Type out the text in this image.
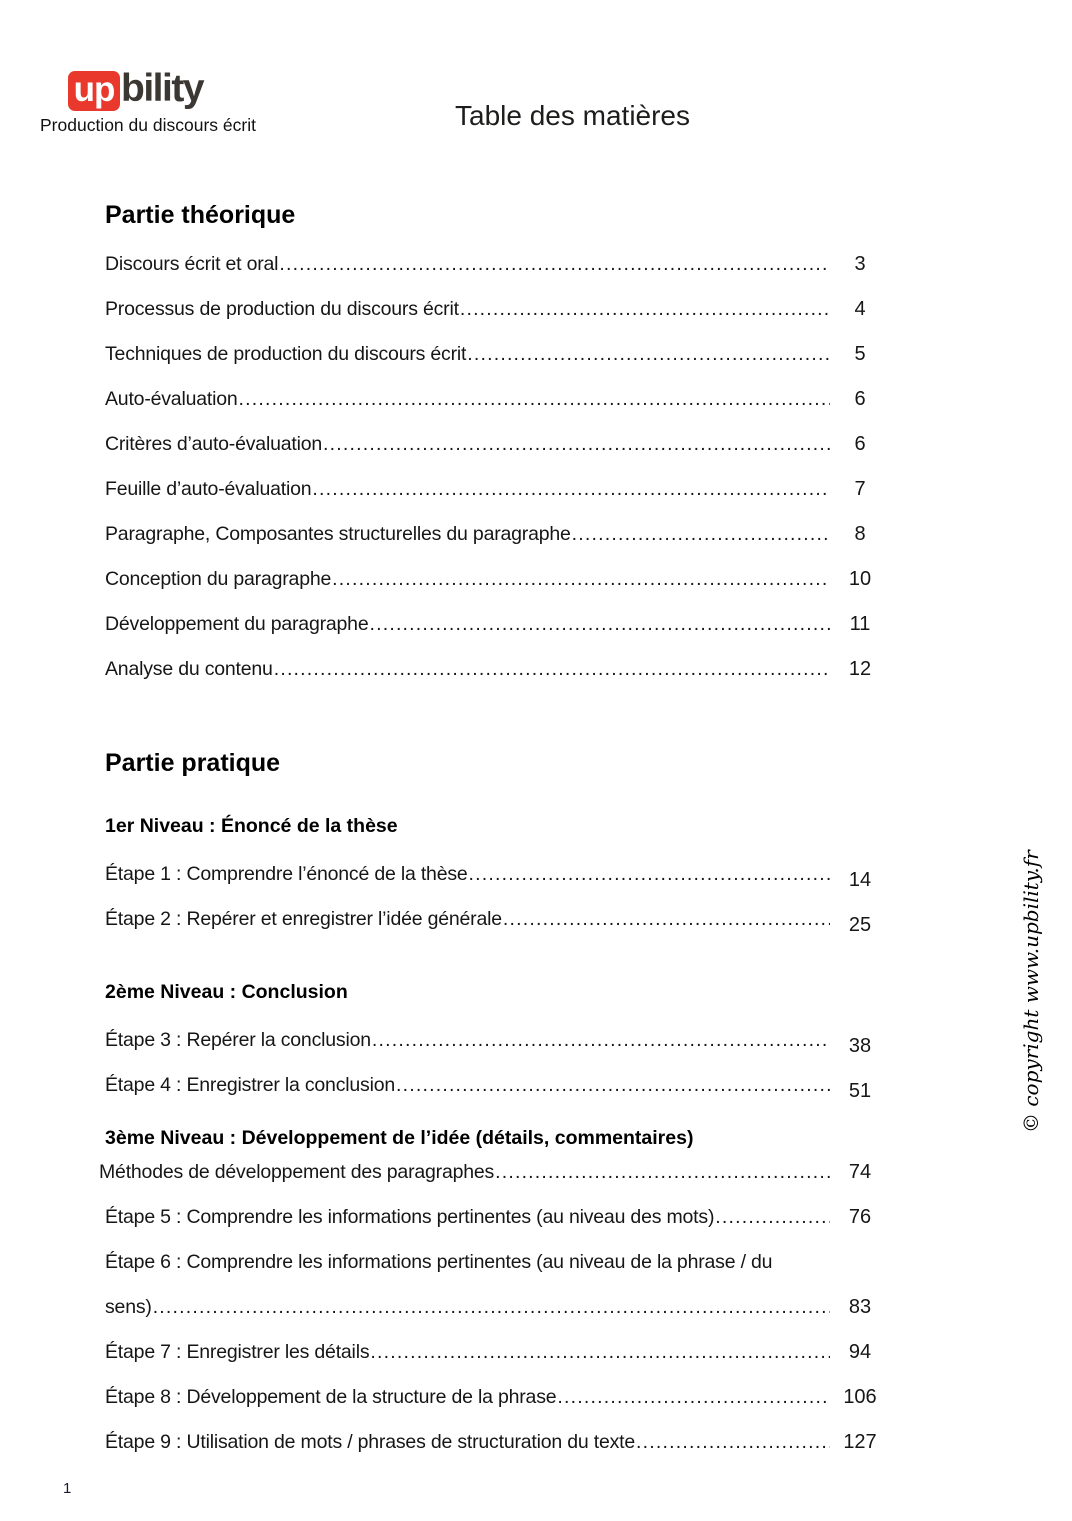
up bility
Production du discours écrit	Table des matières
Partie théorique
Discours écrit et oral .....	3
Processus de production du discours écrit .....	4
Techniques de production du discours écrit .....	5
Auto-évaluation .....	6
Critères d’auto-évaluation .....	6
Feuille d’auto-évaluation .....	7
Paragraphe, Composantes structurelles du paragraphe .....	8
Conception du paragraphe .....	10
Développement du paragraphe .....	11
Analyse du contenu .....	12
Partie pratique
1er Niveau : Énoncé de la thèse
Étape 1 : Comprendre l’énoncé de la thèse .....	14
Étape 2 : Repérer et enregistrer l’idée générale .....	25
2ème Niveau : Conclusion
Étape 3 : Repérer la conclusion .....	38
Étape 4 : Enregistrer la conclusion .....	51
3ème Niveau : Développement de l’idée (détails, commentaires)
Méthodes de développement des paragraphes .....	74
Étape 5 : Comprendre les informations pertinentes (au niveau des mots) .....	76
Étape 6 : Comprendre les informations pertinentes (au niveau de la phrase / du
sens) .....	83
Étape 7 : Enregistrer les détails .....	94
Étape 8 : Développement de la structure de la phrase .....	106
Étape 9 : Utilisation de mots / phrases de structuration du texte .....	127
© copyright www.upbility.fr
1
